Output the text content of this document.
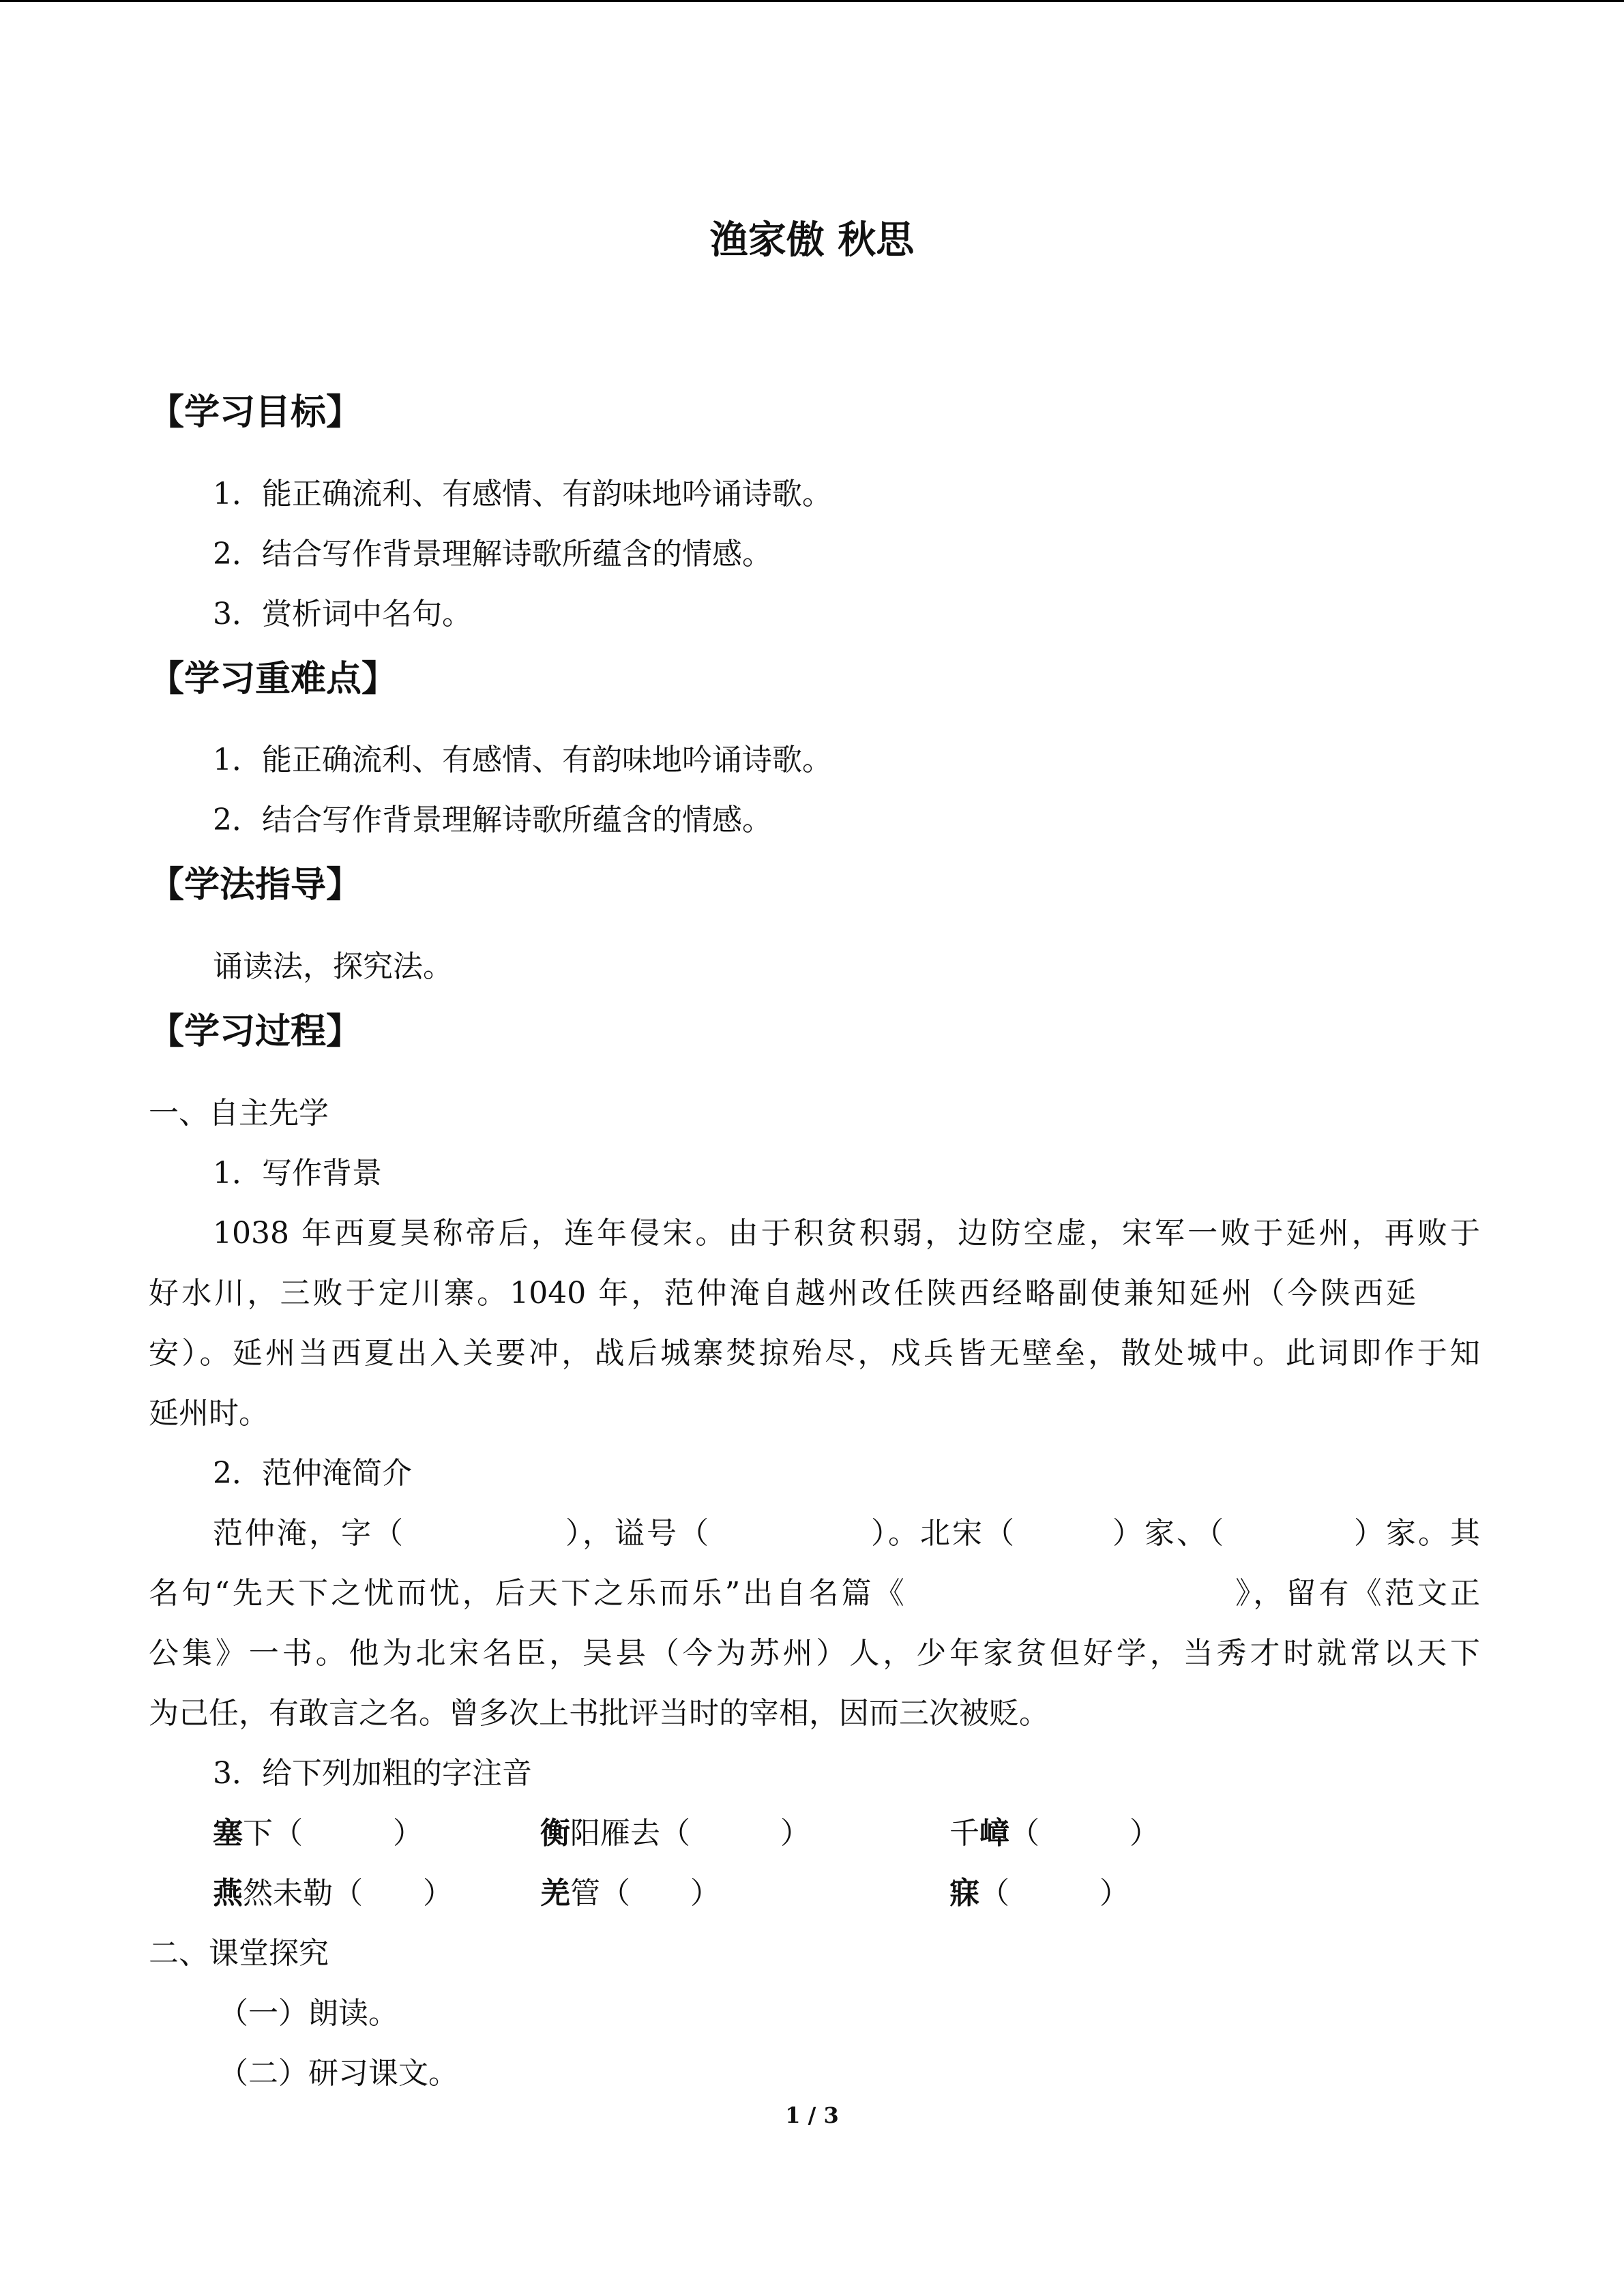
渔家傲 秋思
【学习目标】
1．能正确流利、有感情、有韵味地吟诵诗歌。
2．结合写作背景理解诗歌所蕴含的情感。
3．赏析词中名句。
【学习重难点】
1．能正确流利、有感情、有韵味地吟诵诗歌。
2．结合写作背景理解诗歌所蕴含的情感。
【学法指导】
诵读法，探究法。
【学习过程】
一、自主先学
1．写作背景
1038 年西夏昊称帝后，连年侵宋。由于积贫积弱，边防空虚，宋军一败于延州，再败于
好水川，三败于定川寨。1040 年，范仲淹自越州改任陕西经略副使兼知延州（今陕西延
安）。延州当西夏出入关要冲，战后城寨焚掠殆尽，戍兵皆无壁垒，散处城中。此词即作于知
延州时。
2．范仲淹简介
范仲淹，字（　　　　　），谥号（　　　　　）。北宋（　　　）家、（　　　　）家。其
名句“先天下之忧而忧，后天下之乐而乐”出自名篇《　　　　　　　　　　》，留有《范文正
公集》一书。他为北宋名臣，吴县（今为苏州）人，少年家贫但好学，当秀才时就常以天下
为己任，有敢言之名。曾多次上书批评当时的宰相，因而三次被贬。
3．给下列加粗的字注音
塞下（　　　）	衡阳雁去（　　　）	千嶂（　　　）
燕然未勒（　　）	羌管（　　）	寐（　　　）
二、课堂探究
（一）朗读。
（二）研习课文。
1 / 3
